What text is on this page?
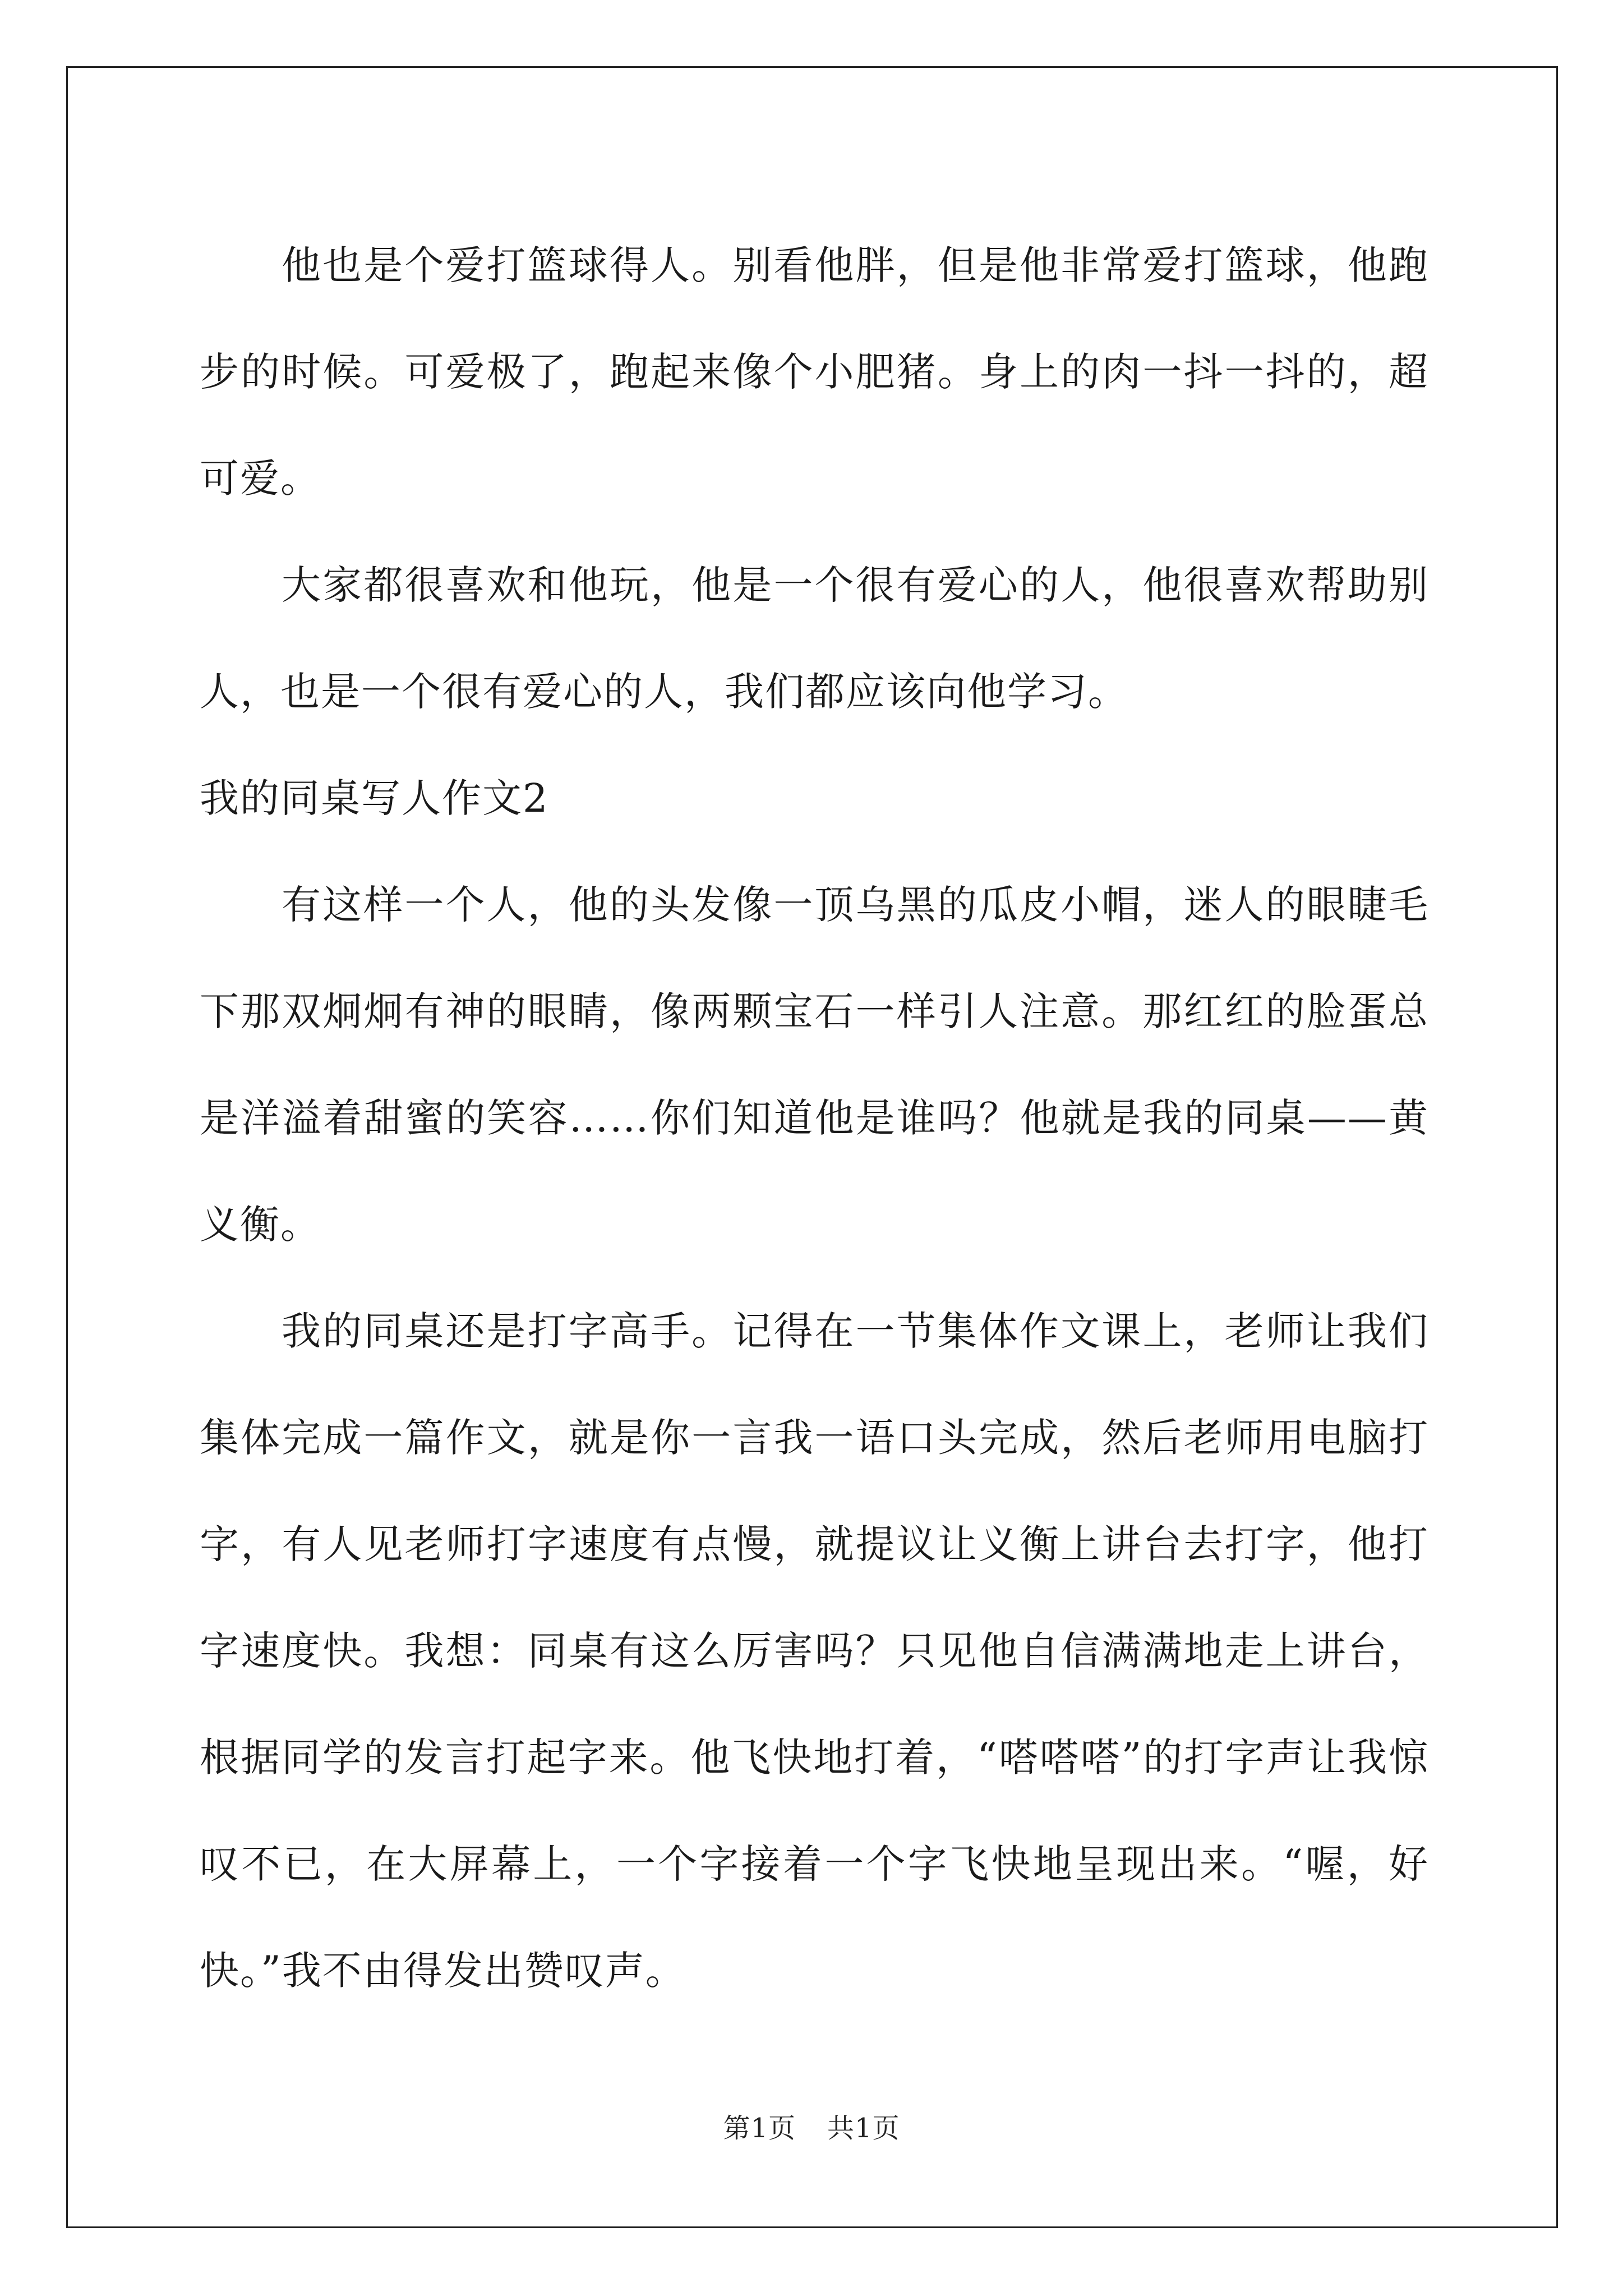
他也是个爱打篮球得人。别看他胖，但是他非常爱打篮球，他跑步的时候。可爱极了，跑起来像个小肥猪。身上的肉一抖一抖的，超可爱。

大家都很喜欢和他玩，他是一个很有爱心的人，他很喜欢帮助别人，也是一个很有爱心的人，我们都应该向他学习。

我的同桌写人作文2

有这样一个人，他的头发像一顶乌黑的瓜皮小帽，迷人的眼睫毛下那双炯炯有神的眼睛，像两颗宝石一样引人注意。那红红的脸蛋总是洋溢着甜蜜的笑容……你们知道他是谁吗？他就是我的同桌——黄义衡。

我的同桌还是打字高手。记得在一节集体作文课上，老师让我们集体完成一篇作文，就是你一言我一语口头完成，然后老师用电脑打字，有人见老师打字速度有点慢，就提议让义衡上讲台去打字，他打字速度快。我想：同桌有这么厉害吗？只见他自信满满地走上讲台，根据同学的发言打起字来。他飞快地打着，“嗒嗒嗒”的打字声让我惊叹不已，在大屏幕上，一个字接着一个字飞快地呈现出来。“喔，好快。”我不由得发出赞叹声。

第1页 共1页
